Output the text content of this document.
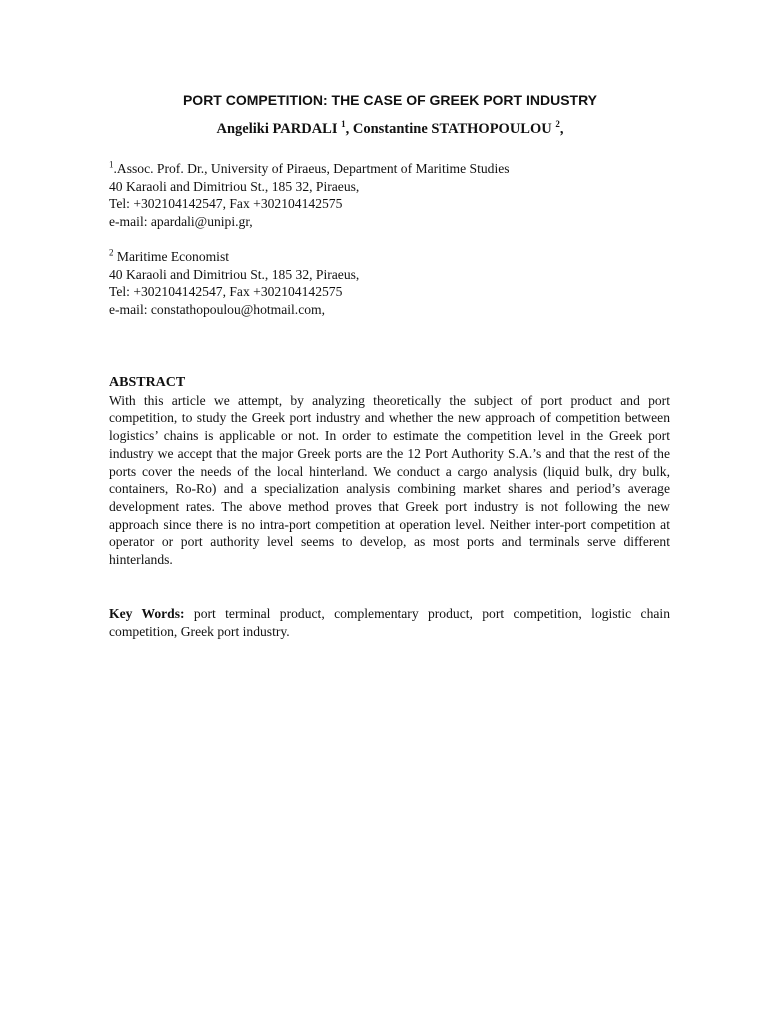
PORT COMPETITION: THE CASE OF GREEK PORT INDUSTRY
Angeliki PARDALI $^1$, Constantine STATHOPOULOU $^2$,
$^1$.Assoc. Prof. Dr., University of Piraeus, Department of Maritime Studies
40 Karaoli and Dimitriou St., 185 32, Piraeus,
Tel: +302104142547, Fax +302104142575
e-mail: apardali@unipi.gr,
$^2$ Maritime Economist
40 Karaoli and Dimitriou St., 185 32, Piraeus,
Tel: +302104142547, Fax +302104142575
e-mail: constathopoulou@hotmail.com,
ABSTRACT

With this article we attempt, by analyzing theoretically the subject of port product and port competition, to study the Greek port industry and whether the new approach of competition between logistics’ chains is applicable or not. In order to estimate the competition level in the Greek port industry we accept that the major Greek ports are the 12 Port Authority S.A.’s and that the rest of the ports cover the needs of the local hinterland. We conduct a cargo analysis (liquid bulk, dry bulk, containers, Ro-Ro) and a specialization analysis combining market shares and period’s average development rates. The above method proves that Greek port industry is not following the new approach since there is no intra-port competition at operation level. Neither inter-port competition at operator or port authority level seems to develop, as most ports and terminals serve different hinterlands.

Key Words: port terminal product, complementary product, port competition, logistic chain competition, Greek port industry.
